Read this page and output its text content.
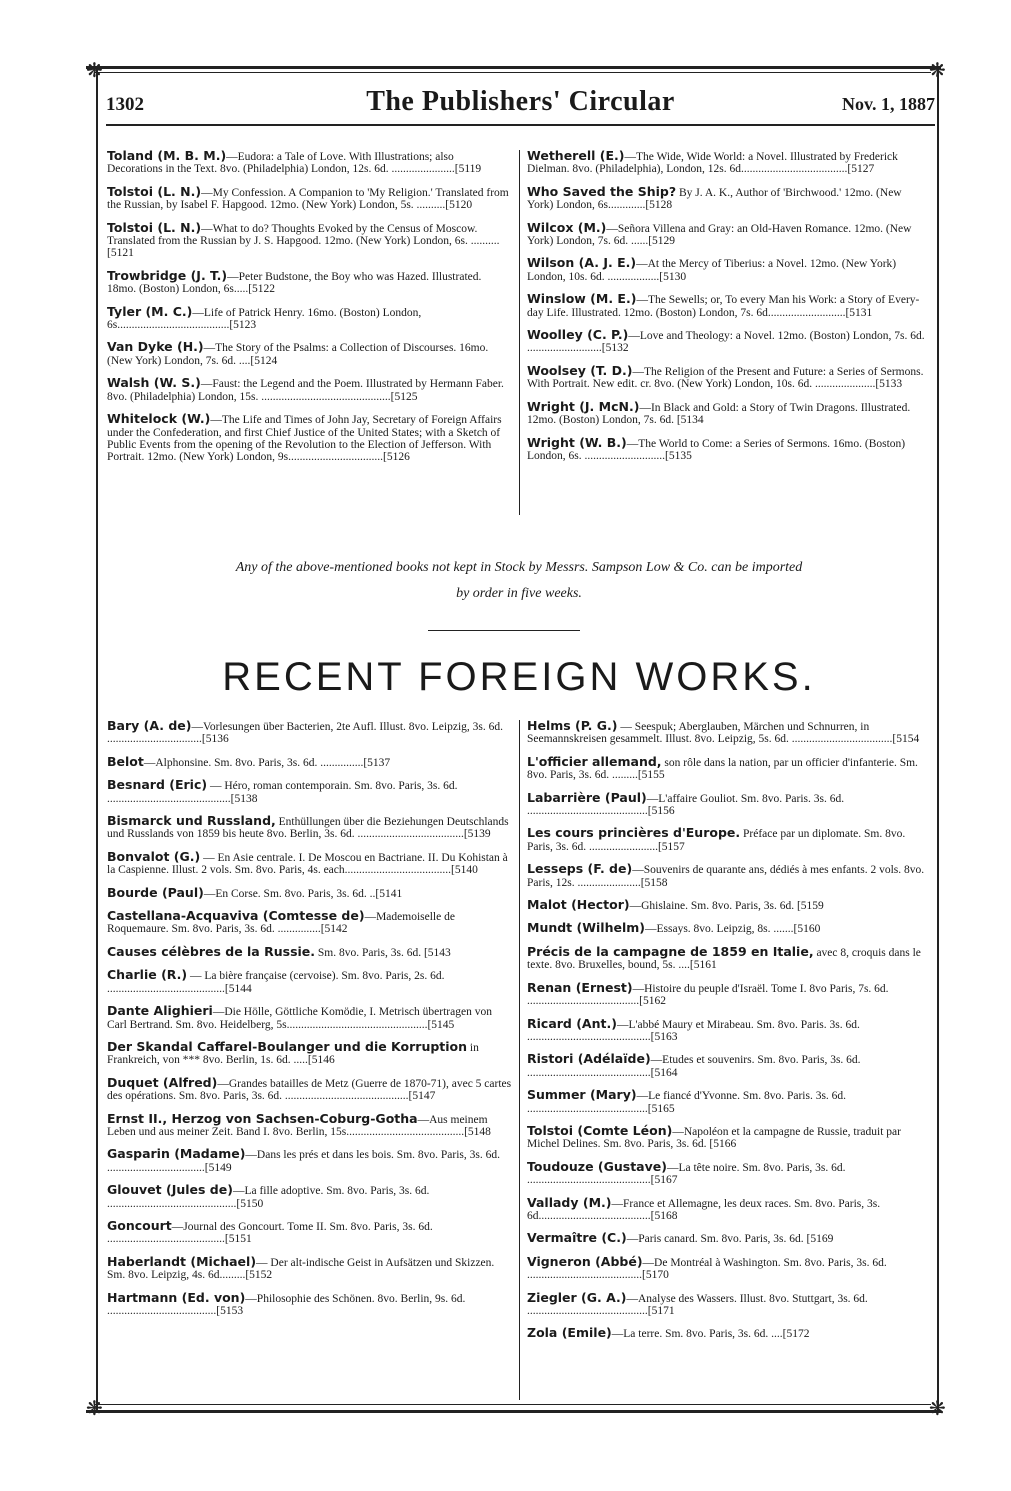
❋	❋
❋	❋
1302	The Publishers' Circular	Nov. 1, 1887

Toland (M. B. M.)—Eudora: a Tale of Love. With Illustrations; also Decorations in the Text. 8vo. (Philadelphia) London, 12s. 6d. ......................[5119

Tolstoi (L. N.)—My Confession. A Companion to 'My Religion.' Translated from the Russian, by Isabel F. Hapgood. 12mo. (New York) London, 5s. ..........[5120

Tolstoi (L. N.)—What to do? Thoughts Evoked by the Census of Moscow. Translated from the Russian by J. S. Hapgood. 12mo. (New York) London, 6s. ..........[5121

Trowbridge (J. T.)—Peter Budstone, the Boy who was Hazed. Illustrated. 18mo. (Boston) London, 6s.....[5122

Tyler (M. C.)—Life of Patrick Henry. 16mo. (Boston) London, 6s.......................................[5123

Van Dyke (H.)—The Story of the Psalms: a Collection of Discourses. 16mo. (New York) London, 7s. 6d. ....[5124

Walsh (W. S.)—Faust: the Legend and the Poem. Illustrated by Hermann Faber. 8vo. (Philadelphia) London, 15s. .............................................[5125

Whitelock (W.)—The Life and Times of John Jay, Secretary of Foreign Affairs under the Confederation, and first Chief Justice of the United States; with a Sketch of Public Events from the opening of the Revolution to the Election of Jefferson. With Portrait. 12mo. (New York) London, 9s.................................[5126

Wetherell (E.)—The Wide, Wide World: a Novel. Illustrated by Frederick Dielman. 8vo. (Philadelphia), London, 12s. 6d.....................................[5127

Who Saved the Ship? By J. A. K., Author of 'Birchwood.' 12mo. (New York) London, 6s.............[5128

Wilcox (M.)—Señora Villena and Gray: an Old-Haven Romance. 12mo. (New York) London, 7s. 6d. ......[5129

Wilson (A. J. E.)—At the Mercy of Tiberius: a Novel. 12mo. (New York) London, 10s. 6d. ..................[5130

Winslow (M. E.)—The Sewells; or, To every Man his Work: a Story of Every-day Life. Illustrated. 12mo. (Boston) London, 7s. 6d...........................[5131

Woolley (C. P.)—Love and Theology: a Novel. 12mo. (Boston) London, 7s. 6d. ..........................[5132

Woolsey (T. D.)—The Religion of the Present and Future: a Series of Sermons. With Portrait. New edit. cr. 8vo. (New York) London, 10s. 6d. .....................[5133

Wright (J. McN.)—In Black and Gold: a Story of Twin Dragons. Illustrated. 12mo. (Boston) London, 7s. 6d. [5134

Wright (W. B.)—The World to Come: a Series of Sermons. 16mo. (Boston) London, 6s. ............................[5135

Any of the above-mentioned books not kept in Stock by Messrs. Sampson Low & Co. can be imported
by order in five weeks.
RECENT FOREIGN WORKS.

Bary (A. de)—Vorlesungen über Bacterien, 2te Aufl. Illust. 8vo. Leipzig, 3s. 6d. .................................[5136

Belot—Alphonsine. Sm. 8vo. Paris, 3s. 6d. ...............[5137

Besnard (Eric) — Héro, roman contemporain. Sm. 8vo. Paris, 3s. 6d. ...........................................[5138

Bismarck und Russland, Enthüllungen über die Beziehungen Deutschlands und Russlands von 1859 bis heute 8vo. Berlin, 3s. 6d. .....................................[5139

Bonvalot (G.) — En Asie centrale. I. De Moscou en Bactriane. II. Du Kohistan à la Caspienne. Illust. 2 vols. Sm. 8vo. Paris, 4s. each.....................................[5140

Bourde (Paul)—En Corse. Sm. 8vo. Paris, 3s. 6d. ..[5141

Castellana-Acquaviva (Comtesse de)—Mademoiselle de Roquemaure. Sm. 8vo. Paris, 3s. 6d. ...............[5142

Causes célèbres de la Russie. Sm. 8vo. Paris, 3s. 6d. [5143

Charlie (R.) — La bière française (cervoise). Sm. 8vo. Paris, 2s. 6d. .........................................[5144

Dante Alighieri—Die Hölle, Göttliche Komödie, I. Metrisch übertragen von Carl Bertrand. Sm. 8vo. Heidelberg, 5s.................................................[5145

Der Skandal Caffarel-Boulanger und die Korruption in Frankreich, von *** 8vo. Berlin, 1s. 6d. .....[5146

Duquet (Alfred)—Grandes batailles de Metz (Guerre de 1870-71), avec 5 cartes des opérations. Sm. 8vo. Paris, 3s. 6d. ...........................................[5147

Ernst II., Herzog von Sachsen-Coburg-Gotha—Aus meinem Leben und aus meiner Zeit. Band I. 8vo. Berlin, 15s.........................................[5148

Gasparin (Madame)—Dans les prés et dans les bois. Sm. 8vo. Paris, 3s. 6d. ..................................[5149

Glouvet (Jules de)—La fille adoptive. Sm. 8vo. Paris, 3s. 6d. .............................................[5150

Goncourt—Journal des Goncourt. Tome II. Sm. 8vo. Paris, 3s. 6d. .........................................[5151

Haberlandt (Michael)— Der alt-indische Geist in Aufsätzen und Skizzen. Sm. 8vo. Leipzig, 4s. 6d.........[5152

Hartmann (Ed. von)—Philosophie des Schönen. 8vo. Berlin, 9s. 6d. ......................................[5153

Helms (P. G.) — Seespuk; Aberglauben, Märchen und Schnurren, in Seemannskreisen gesammelt. Illust. 8vo. Leipzig, 5s. 6d. ...................................[5154

L'officier allemand, son rôle dans la nation, par un officier d'infanterie. Sm. 8vo. Paris, 3s. 6d. .........[5155

Labarrière (Paul)—L'affaire Gouliot. Sm. 8vo. Paris. 3s. 6d. ..........................................[5156

Les cours princières d'Europe. Préface par un diplomate. Sm. 8vo. Paris, 3s. 6d. ........................[5157

Lesseps (F. de)—Souvenirs de quarante ans, dédiés à mes enfants. 2 vols. 8vo. Paris, 12s. ......................[5158

Malot (Hector)—Ghislaine. Sm. 8vo. Paris, 3s. 6d. [5159

Mundt (Wilhelm)—Essays. 8vo. Leipzig, 8s. .......[5160

Précis de la campagne de 1859 en Italie, avec 8, croquis dans le texte. 8vo. Bruxelles, bound, 5s. ....[5161

Renan (Ernest)—Histoire du peuple d'Israël. Tome I. 8vo Paris, 7s. 6d. .......................................[5162

Ricard (Ant.)—L'abbé Maury et Mirabeau. Sm. 8vo. Paris. 3s. 6d. ...........................................[5163

Ristori (Adélaïde)—Etudes et souvenirs. Sm. 8vo. Paris, 3s. 6d. ...........................................[5164

Summer (Mary)—Le fiancé d'Yvonne. Sm. 8vo. Paris. 3s. 6d. ..........................................[5165

Tolstoi (Comte Léon)—Napoléon et la campagne de Russie, traduit par Michel Delines. Sm. 8vo. Paris, 3s. 6d. [5166

Toudouze (Gustave)—La tête noire. Sm. 8vo. Paris, 3s. 6d. ...........................................[5167

Vallady (M.)—France et Allemagne, les deux races. Sm. 8vo. Paris, 3s. 6d.......................................[5168

Vermaître (C.)—Paris canard. Sm. 8vo. Paris, 3s. 6d. [5169

Vigneron (Abbé)—De Montréal à Washington. Sm. 8vo. Paris, 3s. 6d. ........................................[5170

Ziegler (G. A.)—Analyse des Wassers. Illust. 8vo. Stuttgart, 3s. 6d. ..........................................[5171

Zola (Emile)—La terre. Sm. 8vo. Paris, 3s. 6d. ....[5172
